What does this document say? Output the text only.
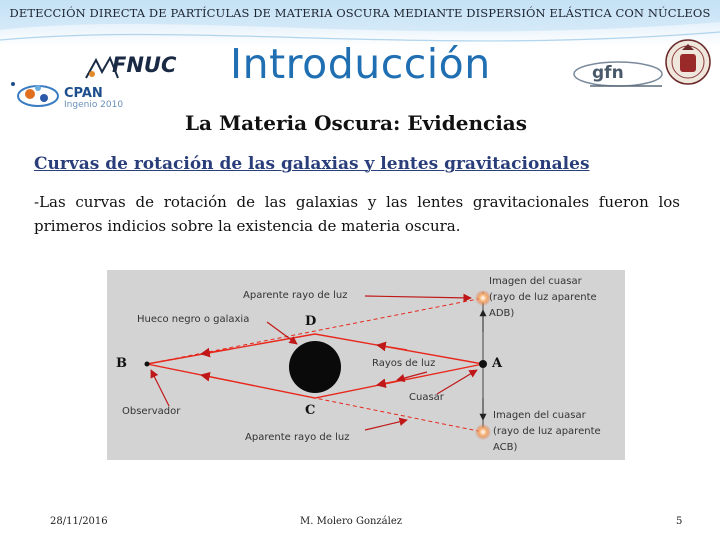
DETECCIÓN DIRECTA DE PARTÍCULAS DE MATERIA OSCURA MEDIANTE DISPERSIÓN ELÁSTICA CON NÚCLEOS
FNUC
CPAN
Ingenio 2010
Introducción	gfn
La Materia Oscura: Evidencias
Curvas de rotación de las galaxias y lentes gravitacionales
-Las curvas de rotación de las galaxias y las lentes gravitacionales fueron los primeros indicios sobre la existencia de materia oscura.
Aparente rayo de luz
Hueco negro o galaxia
Observador
Aparente rayo de luz
Rayos de luz
Cuasar
Imagen del cuasar
(rayo de luz aparente
ADB)
Imagen del cuasar
(rayo de luz aparente
ACB)
B	A
D
C
28/11/2016	M. Molero González	5
